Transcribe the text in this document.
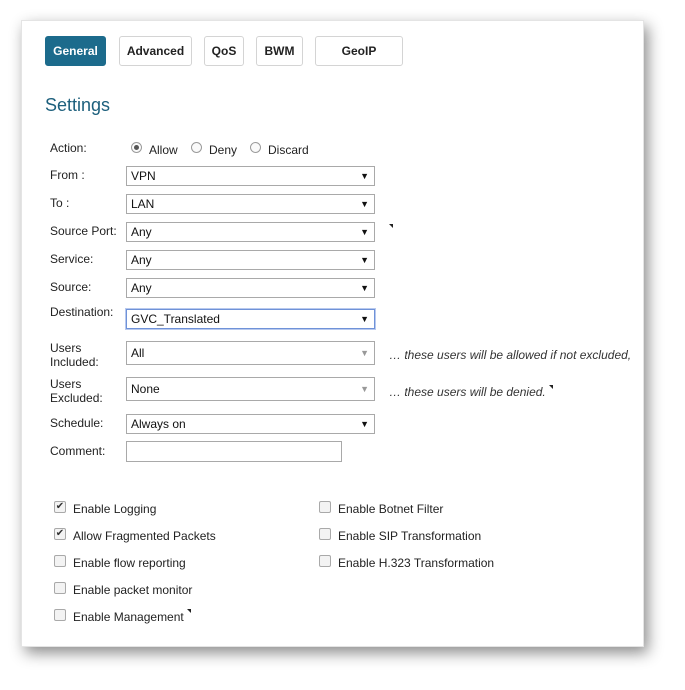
General	Advanced	QoS	BWM	GeoIP
Settings
Action:	Allow	Deny	Discard
From :	VPN	▼
To :	LAN	▼
Source Port:	Any	▼
Service:	Any	▼
Source:	Any	▼
Destination:	GVC_Translated	▼
Users
Included:
All	▼ … these users will be allowed if not excluded,
Users
Excluded:
None	▼ … these users will be denied.
Schedule:	Always on	▼
Comment:
✔ Enable Logging
✔ Allow Fragmented Packets
Enable flow reporting
Enable packet monitor
Enable Management
Enable Botnet Filter
Enable SIP Transformation
Enable H.323 Transformation
